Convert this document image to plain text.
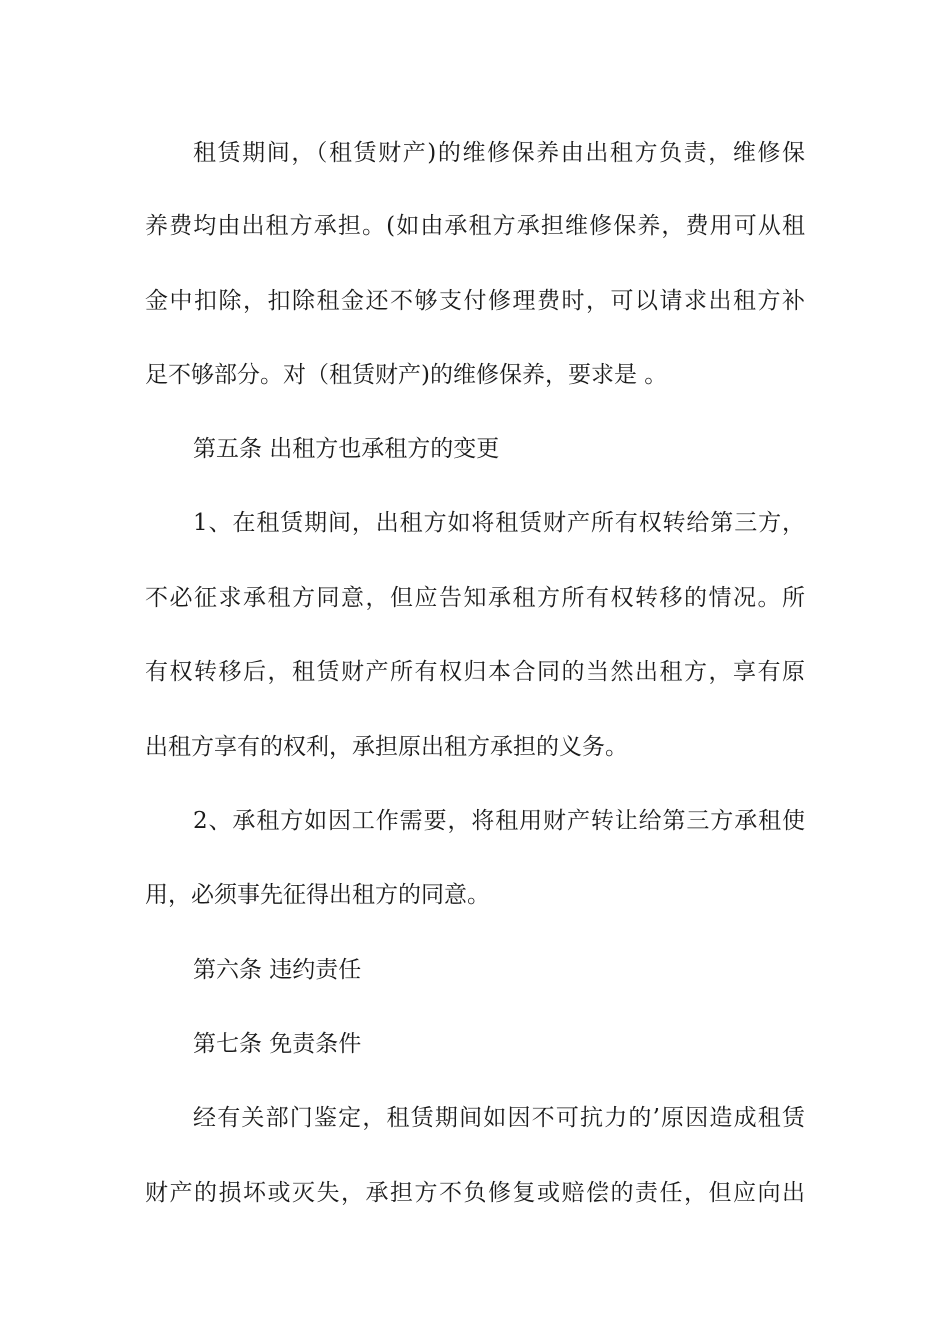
租赁期间，（租赁财产)的维修保养由出租方负责，维修保
养费均由出租方承担。(如由承租方承担维修保养，费用可从租
金中扣除，扣除租金还不够支付修理费时，可以请求出租方补
足不够部分。对（租赁财产)的维修保养，要求是 。
第五条 出租方也承租方的变更
1、在租赁期间，出租方如将租赁财产所有权转给第三方，
不必征求承租方同意，但应告知承租方所有权转移的情况。所
有权转移后，租赁财产所有权归本合同的当然出租方，享有原
出租方享有的权利，承担原出租方承担的义务。
2、承租方如因工作需要，将租用财产转让给第三方承租使
用，必须事先征得出租方的同意。
第六条 违约责任
第七条 免责条件
经有关部门鉴定，租赁期间如因不可抗力的’原因造成租赁
财产的损坏或灭失，承担方不负修复或赔偿的责任，但应向出
